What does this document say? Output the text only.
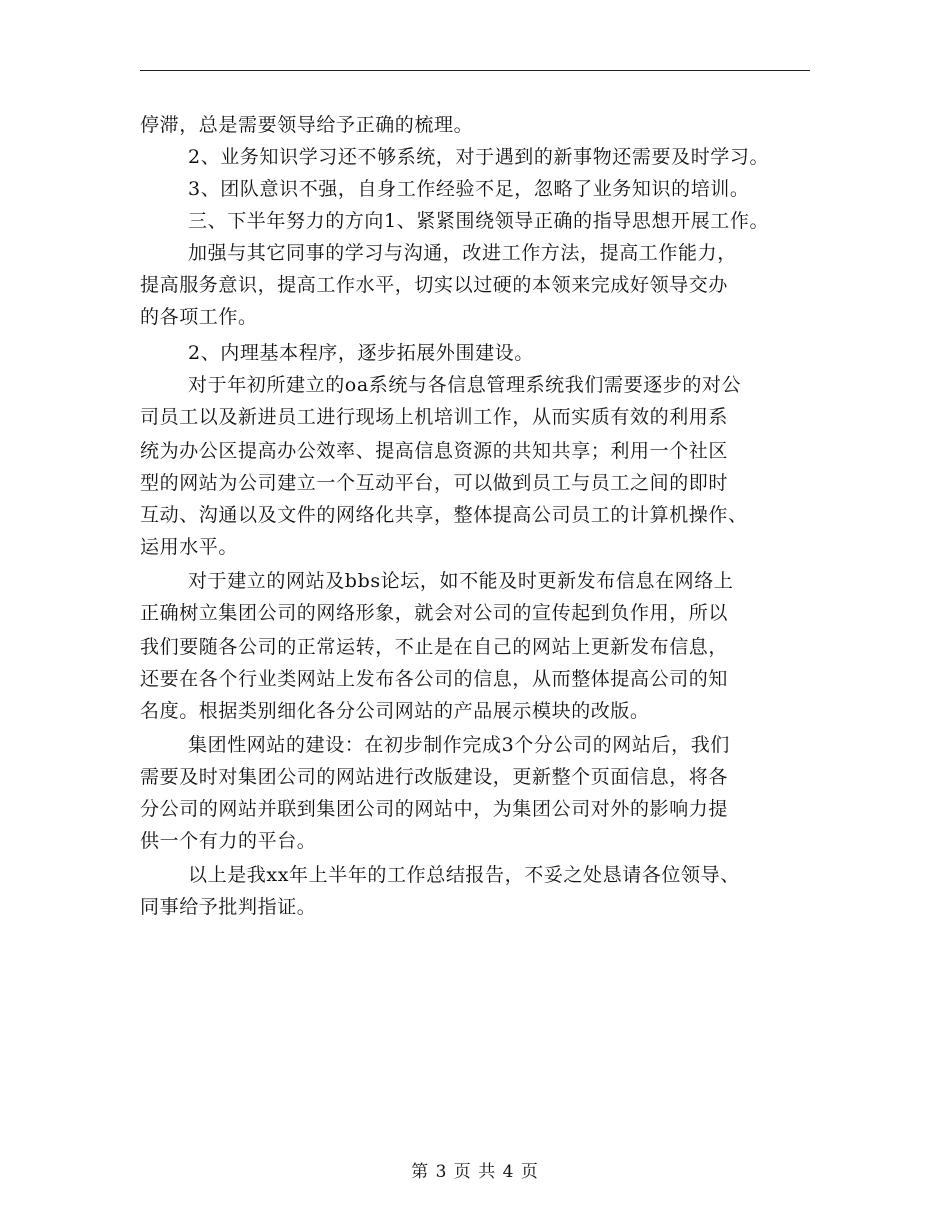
停滞，总是需要领导给予正确的梳理。
2、业务知识学习还不够系统，对于遇到的新事物还需要及时学习。
3、团队意识不强，自身工作经验不足，忽略了业务知识的培训。
三、下半年努力的方向1、紧紧围绕领导正确的指导思想开展工作。
加强与其它同事的学习与沟通，改进工作方法，提高工作能力，
提高服务意识，提高工作水平，切实以过硬的本领来完成好领导交办
的各项工作。
2、内理基本程序，逐步拓展外围建设。
对于年初所建立的oa系统与各信息管理系统我们需要逐步的对公
司员工以及新进员工进行现场上机培训工作，从而实质有效的利用系
统为办公区提高办公效率、提高信息资源的共知共享；利用一个社区
型的网站为公司建立一个互动平台，可以做到员工与员工之间的即时
互动、沟通以及文件的网络化共享，整体提高公司员工的计算机操作、
运用水平。
对于建立的网站及bbs论坛，如不能及时更新发布信息在网络上
正确树立集团公司的网络形象，就会对公司的宣传起到负作用，所以
我们要随各公司的正常运转，不止是在自己的网站上更新发布信息，
还要在各个行业类网站上发布各公司的信息，从而整体提高公司的知
名度。根据类别细化各分公司网站的产品展示模块的改版。
集团性网站的建设：在初步制作完成3个分公司的网站后，我们
需要及时对集团公司的网站进行改版建设，更新整个页面信息，将各
分公司的网站并联到集团公司的网站中，为集团公司对外的影响力提
供一个有力的平台。
以上是我xx年上半年的工作总结报告，不妥之处恳请各位领导、
同事给予批判指证。
第 3 页 共 4 页
